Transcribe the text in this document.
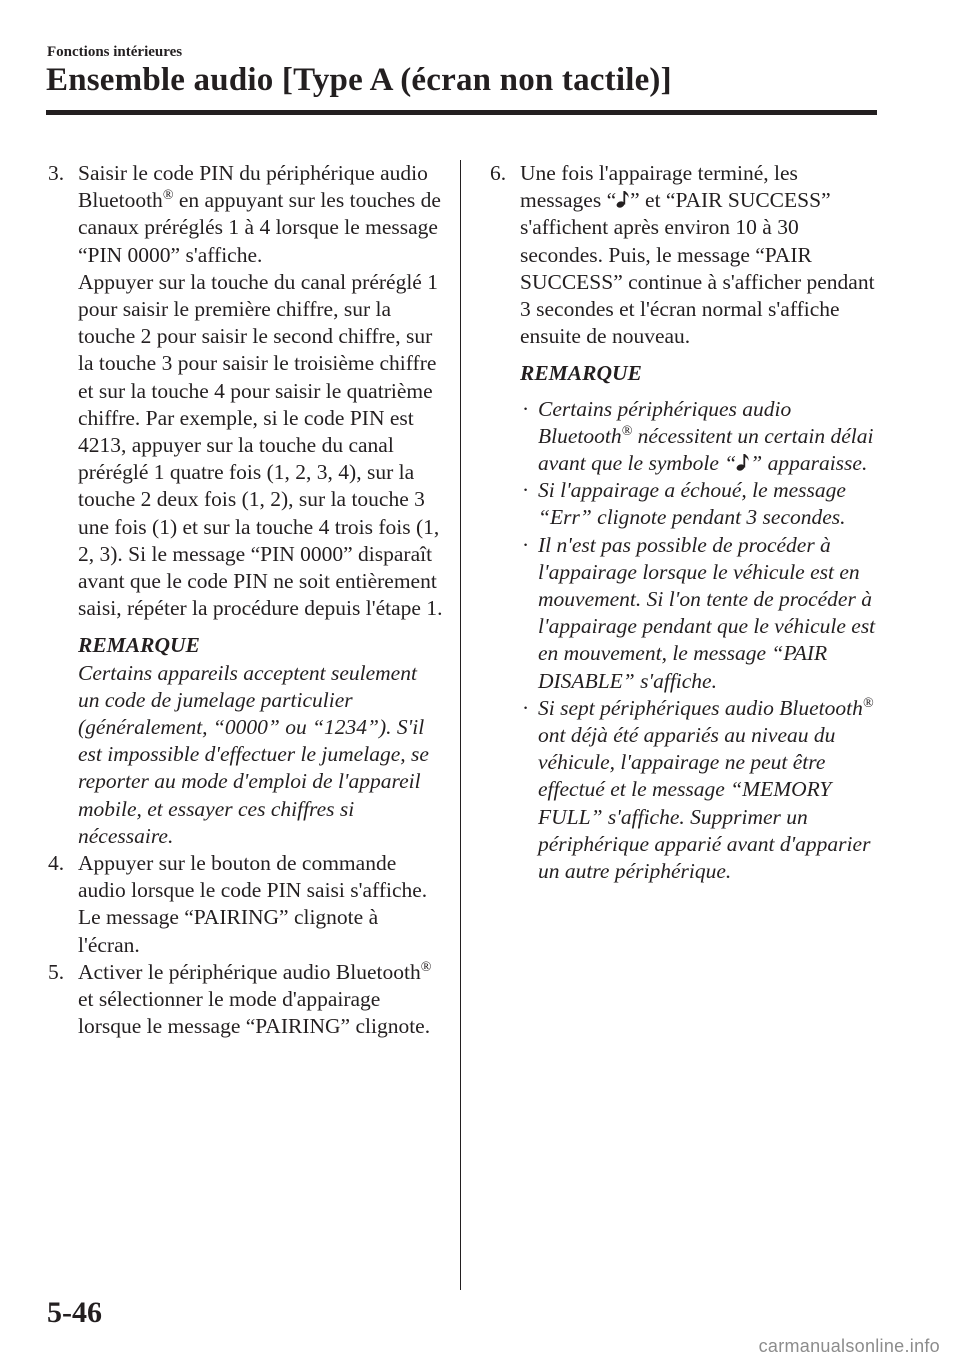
Fonctions intérieures
Ensemble audio [Type A (écran non tactile)]
3. Saisir le code PIN du périphérique audio Bluetooth® en appuyant sur les touches de canaux préréglés 1 à 4 lorsque le message “PIN 0000” s'affiche.
Appuyer sur la touche du canal préréglé 1 pour saisir le première chiffre, sur la touche 2 pour saisir le second chiffre, sur la touche 3 pour saisir le troisième chiffre et sur la touche 4 pour saisir le quatrième chiffre. Par exemple, si le code PIN est 4213, appuyer sur la touche du canal préréglé 1 quatre fois (1, 2, 3, 4), sur la touche 2 deux fois (1, 2), sur la touche 3 une fois (1) et sur la touche 4 trois fois (1, 2, 3). Si le message “PIN 0000” disparaît avant que le code PIN ne soit entièrement saisi, répéter la procédure depuis l'étape 1.
REMARQUE
Certains appareils acceptent seulement un code de jumelage particulier (généralement, “0000” ou “1234”). S'il est impossible d'effectuer le jumelage, se reporter au mode d'emploi de l'appareil mobile, et essayer ces chiffres si nécessaire.
4. Appuyer sur le bouton de commande audio lorsque le code PIN saisi s'affiche.
Le message “PAIRING” clignote à l'écran.
5. Activer le périphérique audio Bluetooth® et sélectionner le mode d'appairage lorsque le message “PAIRING” clignote.
6. Une fois l'appairage terminé, les messages “ ” et “PAIR SUCCESS” s'affichent après environ 10 à 30 secondes. Puis, le message “PAIR SUCCESS” continue à s'afficher pendant 3 secondes et l'écran normal s'affiche ensuite de nouveau.
REMARQUE
· Certains périphériques audio Bluetooth® nécessitent un certain délai avant que le symbole “ ” apparaisse.
· Si l'appairage a échoué, le message “Err” clignote pendant 3 secondes.
· Il n'est pas possible de procéder à l'appairage lorsque le véhicule est en mouvement. Si l'on tente de procéder à l'appairage pendant que le véhicule est en mouvement, le message “PAIR DISABLE” s'affiche.
· Si sept périphériques audio Bluetooth® ont déjà été appariés au niveau du véhicule, l'appairage ne peut être effectué et le message “MEMORY FULL” s'affiche. Supprimer un périphérique apparié avant d'apparier un autre périphérique.
5-46
carmanualsonline.info
